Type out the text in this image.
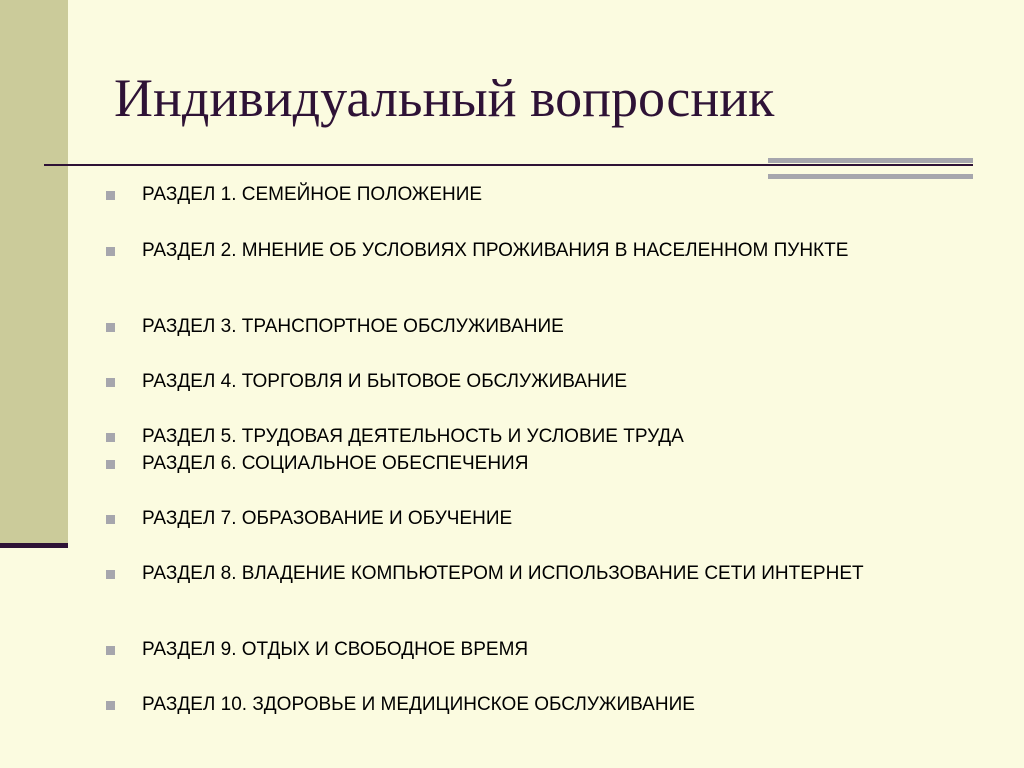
Индивидуальный вопросник
РАЗДЕЛ 1. СЕМЕЙНОЕ ПОЛОЖЕНИЕ
РАЗДЕЛ 2. МНЕНИЕ ОБ УСЛОВИЯХ ПРОЖИВАНИЯ В НАСЕЛЕННОМ ПУНКТЕ
РАЗДЕЛ 3. ТРАНСПОРТНОЕ ОБСЛУЖИВАНИЕ
РАЗДЕЛ 4. ТОРГОВЛЯ И БЫТОВОЕ ОБСЛУЖИВАНИЕ
РАЗДЕЛ 5. ТРУДОВАЯ ДЕЯТЕЛЬНОСТЬ И УСЛОВИЕ ТРУДА
РАЗДЕЛ 6. СОЦИАЛЬНОЕ ОБЕСПЕЧЕНИЯ
РАЗДЕЛ 7. ОБРАЗОВАНИЕ И ОБУЧЕНИЕ
РАЗДЕЛ 8. ВЛАДЕНИЕ КОМПЬЮТЕРОМ И ИСПОЛЬЗОВАНИЕ СЕТИ ИНТЕРНЕТ
РАЗДЕЛ 9. ОТДЫХ И СВОБОДНОЕ ВРЕМЯ
РАЗДЕЛ 10. ЗДОРОВЬЕ И МЕДИЦИНСКОЕ ОБСЛУЖИВАНИЕ
